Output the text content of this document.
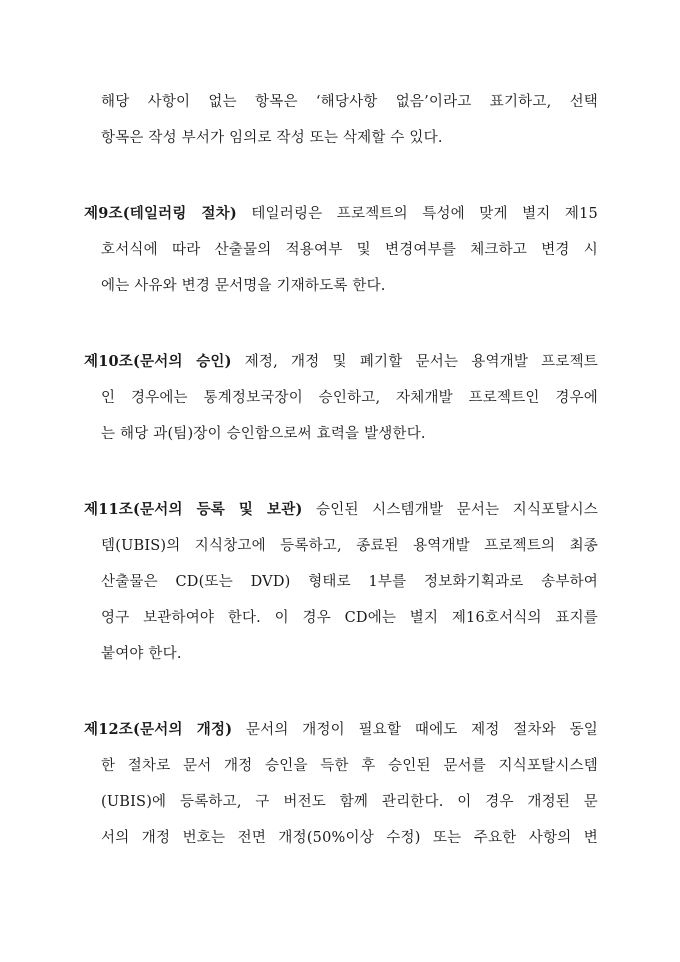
해당 사항이 없는 항목은 ‘해당사항 없음’이라고 표기하고, 선택
항목은 작성 부서가 임의로 작성 또는 삭제할 수 있다.
제9조(테일러링 절차) 테일러링은 프로젝트의 특성에 맞게 별지 제15
호서식에 따라 산출물의 적용여부 및 변경여부를 체크하고 변경 시
에는 사유와 변경 문서명을 기재하도록 한다.
제10조(문서의 승인) 제정, 개정 및 폐기할 문서는 용역개발 프로젝트
인 경우에는 통계정보국장이 승인하고, 자체개발 프로젝트인 경우에
는 해당 과(팀)장이 승인함으로써 효력을 발생한다.
제11조(문서의 등록 및 보관) 승인된 시스템개발 문서는 지식포탈시스
템(UBIS)의 지식창고에 등록하고, 종료된 용역개발 프로젝트의 최종
산출물은 CD(또는 DVD) 형태로 1부를 정보화기획과로 송부하여
영구 보관하여야 한다. 이 경우 CD에는 별지 제16호서식의 표지를
붙여야 한다.
제12조(문서의 개정) 문서의 개정이 필요할 때에도 제정 절차와 동일
한 절차로 문서 개정 승인을 득한 후 승인된 문서를 지식포탈시스템
(UBIS)에 등록하고, 구 버전도 함께 관리한다. 이 경우 개정된 문
서의 개정 번호는 전면 개정(50%이상 수정) 또는 주요한 사항의 변
